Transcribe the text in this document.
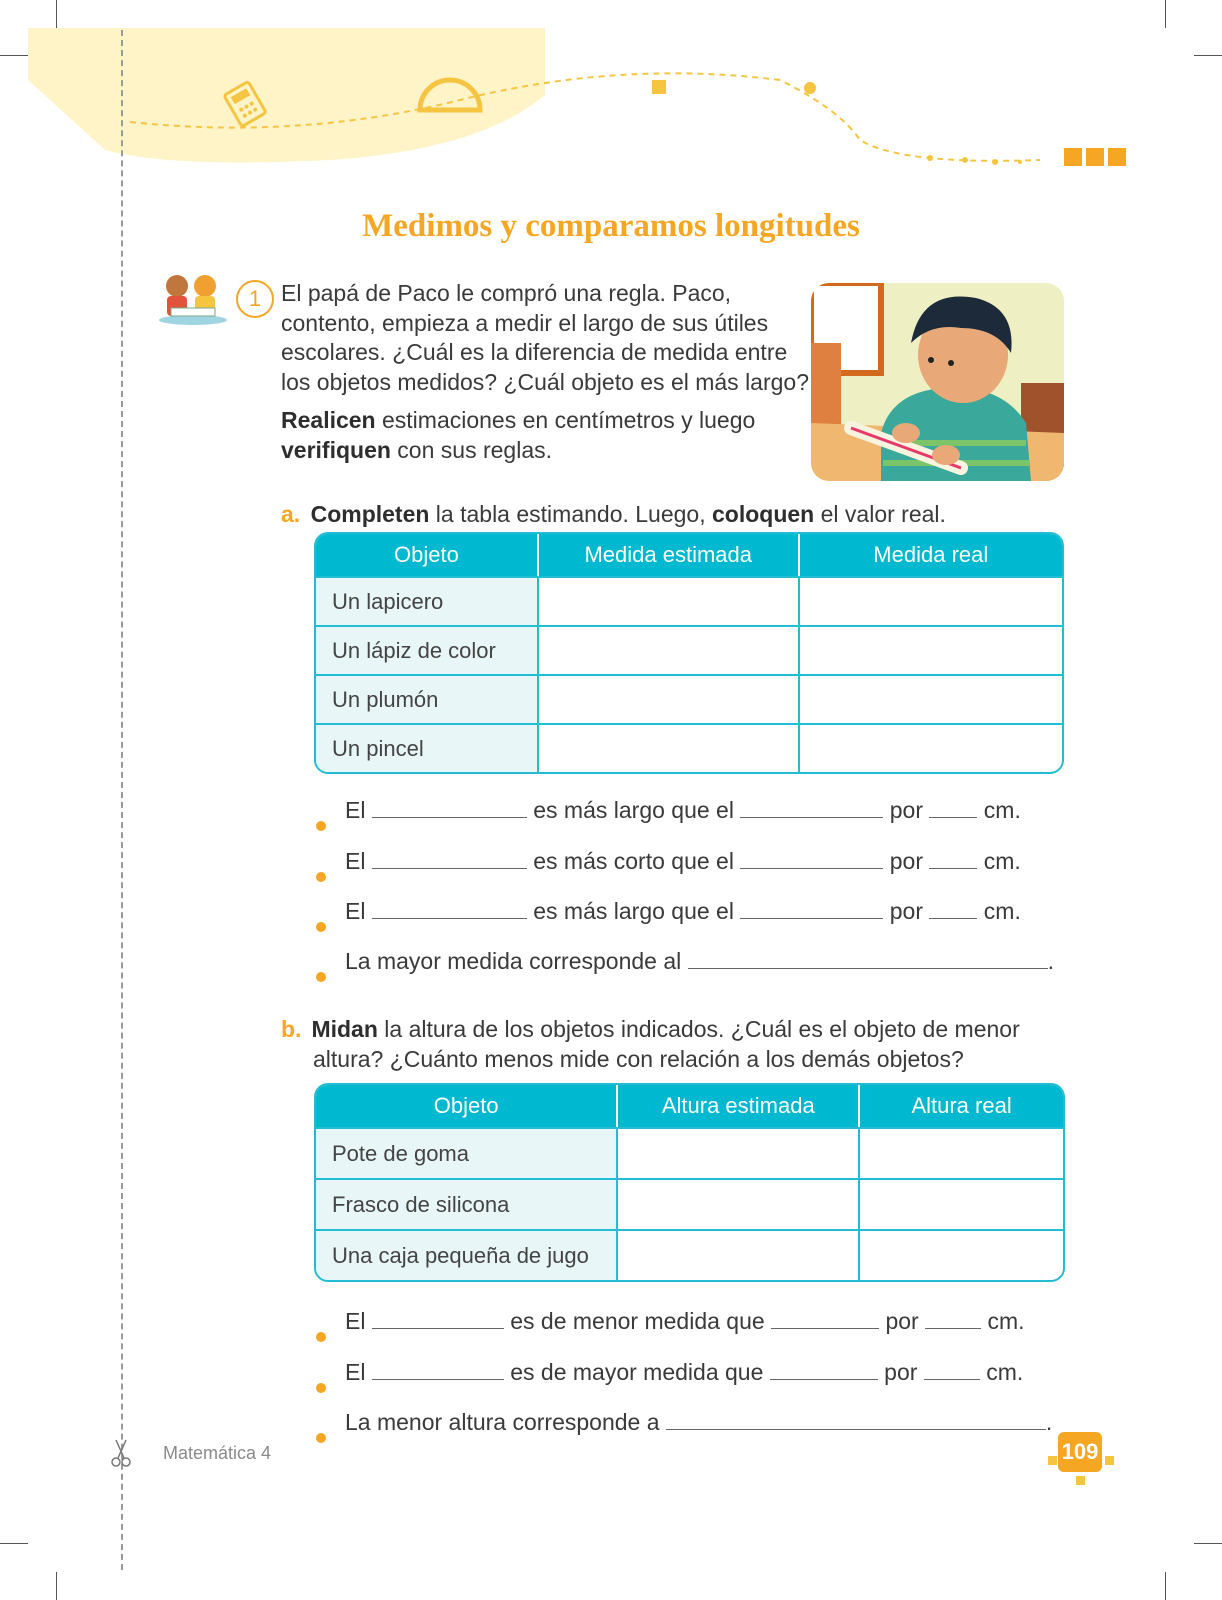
Medimos y comparamos longitudes
1 El papá de Paco le compró una regla. Paco,
contento, empieza a medir el largo de sus útiles
escolares. ¿Cuál es la diferencia de medida entre
los objetos medidos? ¿Cuál objeto es el más largo?
Realicen estimaciones en centímetros y luego
verifiquen con sus reglas.
a. Completen la tabla estimando. Luego, coloquen el valor real.
Objeto	Medida estimada	Medida real
Un lapicero		
Un lápiz de color		
Un plumón		
Un pincel		
El	es más largo que el	por	cm.
El	es más corto que el	por	cm.
El	es más largo que el	por	cm.
La mayor medida corresponde al	.
b. Midan la altura de los objetos indicados. ¿Cuál es el objeto de menor
altura? ¿Cuánto menos mide con relación a los demás objetos?
Objeto	Altura estimada	Altura real
Pote de goma		
Frasco de silicona		
Una caja pequeña de jugo		
El	es de menor medida que	por	cm.
El	es de mayor medida que	por	cm.
La menor altura corresponde a	.
Matemática 4	109
